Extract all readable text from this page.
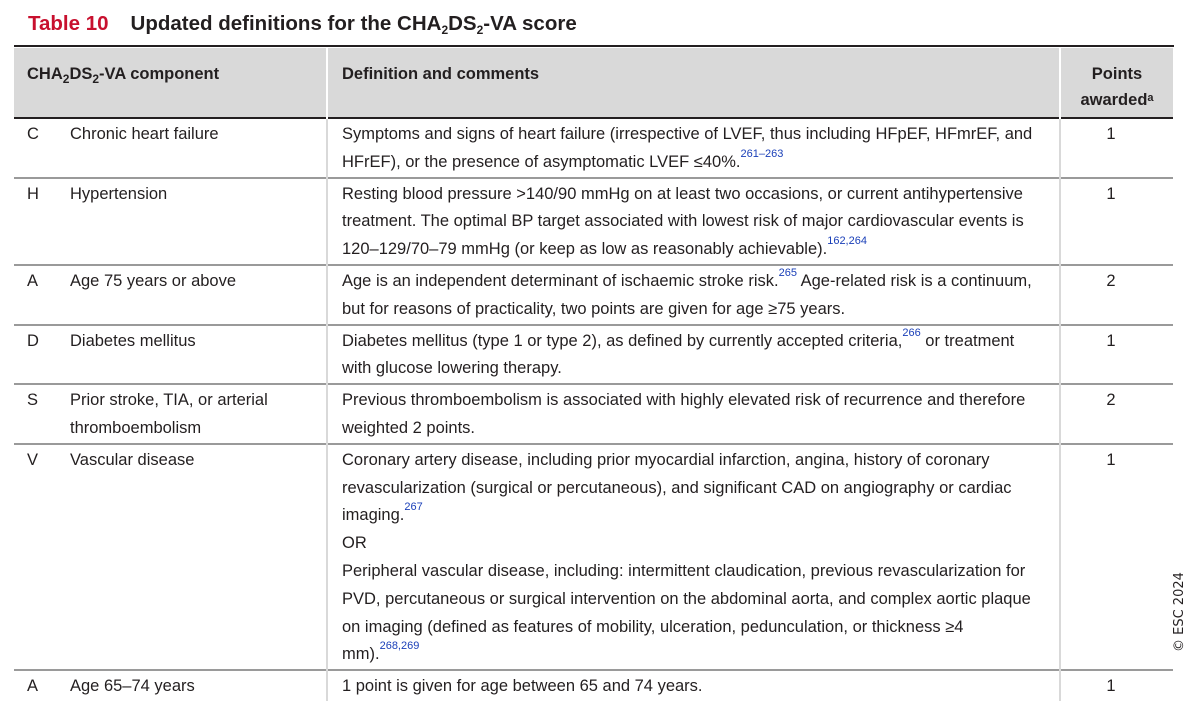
Table 10 Updated definitions for the CHA2DS2-VA score
$CHA_2DS_2-VA$ component		Definition and comments	Points
awarded$^a$
C	Chronic heart failure	Symptoms and signs of heart failure (irrespective of LVEF, thus including HFpEF, HFmrEF, and HFrEF), or the presence of asymptomatic LVEF ≤40%.$^{261-263}$	1
H	Hypertension	Resting blood pressure >140/90 mmHg on at least two occasions, or current antihypertensive treatment. The optimal BP target associated with lowest risk of major cardiovascular events is 120–129/70–79 mmHg (or keep as low as reasonably achievable).$^{162,264}$	1
A	Age 75 years or above	Age is an independent determinant of ischaemic stroke risk.$^{265}$ Age-related risk is a continuum, but for reasons of practicality, two points are given for age ≥75 years.	2
D	Diabetes mellitus	Diabetes mellitus (type 1 or type 2), as defined by currently accepted criteria,$^{266}$ or treatment with glucose lowering therapy.	1
S	Prior stroke, TIA, or arterial thromboembolism	Previous thromboembolism is associated with highly elevated risk of recurrence and therefore weighted 2 points.	2
V	Vascular disease	Coronary artery disease, including prior myocardial infarction, angina, history of coronary revascularization (surgical or percutaneous), and significant CAD on angiography or cardiac imaging.$^{267}$
OR
Peripheral vascular disease, including: intermittent claudication, previous revascularization for PVD, percutaneous or surgical intervention on the abdominal aorta, and complex aortic plaque on imaging (defined as features of mobility, ulceration, pedunculation, or thickness ≥4 mm).$^{268,269}$	1
A	Age 65–74 years	1 point is given for age between 65 and 74 years.	1
© ESC 2024
